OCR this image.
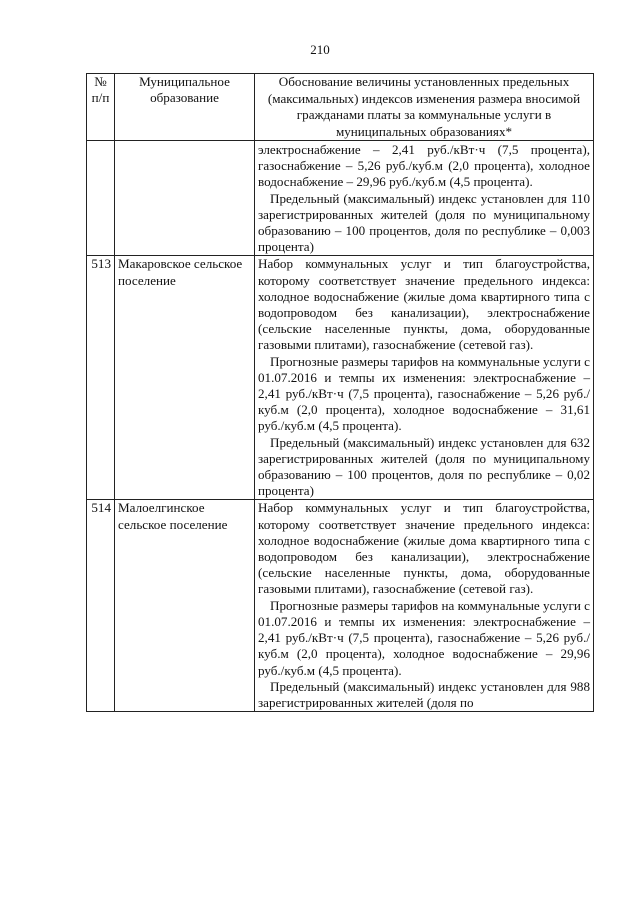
210
№ п/п	Муниципальное образование	Обоснование величины установленных предельных (максимальных) индексов изменения размера вносимой гражданами платы за коммунальные услуги в муниципальных образованиях*

		электроснабжение – 2,41 руб./кВт·ч (7,5 процента), газоснабжение – 5,26 руб./куб.м (2,0 процента), холодное водоснабжение – 29,96 руб./куб.м (4,5 процента).
Предельный (максимальный) индекс установлен для 110 зарегистрированных жителей (доля по муниципальному образованию – 100 процентов, доля по республике – 0,003 процента)

513	Макаровское сельское поселение	Набор коммунальных услуг и тип благоустройства, которому соответствует значение предельного индекса: холодное водоснабжение (жилые дома квартирного типа с водопроводом без канализации), электроснабжение (сельские населенные пункты, дома, оборудованные газовыми плитами), газоснабжение (сетевой газ).
Прогнозные размеры тарифов на коммунальные услуги с 01.07.2016 и темпы их изменения: электроснабжение – 2,41 руб./кВт·ч (7,5 процента), газоснабжение – 5,26 руб./куб.м (2,0 процента), холодное водоснабжение – 31,61 руб./куб.м (4,5 процента).
Предельный (максимальный) индекс установлен для 632 зарегистрированных жителей (доля по муниципальному образованию – 100 процентов, доля по республике – 0,02 процента)

514	Малоелгинское сельское поселение	Набор коммунальных услуг и тип благоустройства, которому соответствует значение предельного индекса: холодное водоснабжение (жилые дома квартирного типа с водопроводом без канализации), электроснабжение (сельские населенные пункты, дома, оборудованные газовыми плитами), газоснабжение (сетевой газ).
Прогнозные размеры тарифов на коммунальные услуги с 01.07.2016 и темпы их изменения: электроснабжение – 2,41 руб./кВт·ч (7,5 процента), газоснабжение – 5,26 руб./куб.м (2,0 процента), холодное водоснабжение – 29,96 руб./куб.м (4,5 процента).
Предельный (максимальный) индекс установлен для 988 зарегистрированных жителей (доля по
